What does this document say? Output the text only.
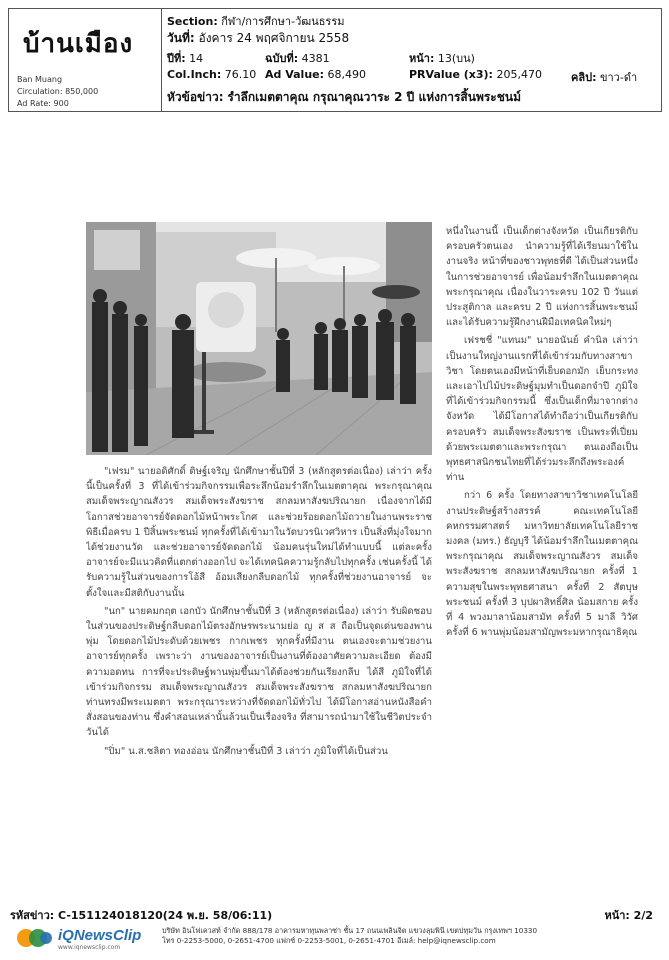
บ้านเมือง
Ban Muang
Circulation: 850,000
Ad Rate: 900
Section: กีฬา/การศึกษา-วัฒนธรรม
วันที่: อังคาร 24 พฤศจิกายน 2558
ปีที่: 14	ฉบับที่: 4381	หน้า: 13(บน)
Col.Inch: 76.10 Ad Value: 68,490	PRValue (x3): 205,470	คลิป: ขาว-ดำ
หัวข้อข่าว: รำลึกเมตตาคุณ กรุณาคุณวาระ 2 ปี แห่งการสิ้นพระชนม์

"เฟรม" นายอดิศักดิ์ ดิษฐ์เจริญ นักศึกษาชั้นปีที่ 3 (หลักสูตรต่อเนื่อง) เล่าว่า ครั้งนี้เป็นครั้งที่ 3 ที่ได้เข้าร่วมกิจกรรมเพื่อระลึกน้อมรำลึกในเมตตาคุณ พระกรุณาคุณ สมเด็จพระญาณสังวร สมเด็จพระสังฆราช สกลมหาสังฆปริณายก เนื่องจากได้มีโอกาสช่วยอาจารย์จัดดอกไม้หน้าพระโกศ และช่วยร้อยดอกไม้ถวายในงานพระราชพิธีเมื่อครบ 1 ปีสิ้นพระชนม์ ทุกครั้งที่ได้เข้ามาในวัดบวรนิเวศวิหาร เป็นสิ่งที่มุ่งใจมากได้ช่วยงานวัด และช่วยอาจารย์จัดดอกไม้ น้อมคนรุ่นใหม่ได้ทำแบบนี้ แต่ละครั้งอาจารย์จะมีแนวคิดที่แตกต่างออกไป จะได้เทคนิคความรู้กลับไปทุกครั้ง เช่นครั้งนี้ ได้รับความรู้ในส่วนของการโอ้สี อ้อมเสียงกลีบดอกไม้ ทุกครั้งที่ช่วยงานอาจารย์ จะตั้งใจและมีสติกับงานนั้น

"นก" นายคมกฤต เอกบัว นักศึกษาชั้นปีที่ 3 (หลักสูตรต่อเนื่อง) เล่าว่า รับผิดชอบในส่วนของประดิษฐ์กลีบดอกไม้ตรงอักษรพระนามย่อ ญ ส ส ถือเป็นจุดเด่นของพานพุ่ม โดยดอกไม้ประดับด้วยเพชร กากเพชร ทุกครั้งที่มีงาน ตนเองจะตามช่วยงานอาจารย์ทุกครั้ง เพราะว่า งานของอาจารย์เป็นงานที่ต้องอาศัยความละเอียด ต้องมีความอดทน การที่จะประดิษฐ์พานพุ่มขึ้นมาได้ต้องช่วยกันเรียงกลีบ ได้สี ภูมิใจที่ได้เข้าร่วมกิจกรรม สมเด็จพระญาณสังวร สมเด็จพระสังฆราช สกลมหาสังฆปริณายก ท่านทรงมีพระเมตตา พระกรุณาระหว่างที่จัดดอกไม้ทั่วไป ได้มีโอกาสอ่านหนังสือคำสั่งสอนของท่าน ซึ่งคำสอนเหล่านั้นล้วนเป็นเรื่องจริง ที่สามารถนำมาใช้ในชีวิตประจำวันได้

"ปิ่ม" น.ส.ชลิตา ทองอ่อน นักศึกษาชั้นปีที่ 3 เล่าว่า ภูมิใจที่ได้เป็นส่วน

หนึ่งในงานนี้ เป็นเด็กต่างจังหวัด เป็นเกียรติกับครอบครัวตนเอง นำความรู้ที่ได้เรียนมาใช้ในงานจริง หน้าที่ของชาวพุทธที่ดี ได้เป็นส่วนหนึ่งในการช่วยอาจารย์ เพื่อน้อมรำลึกในเมตตาคุณ พระกรุณาคุณ เนื่องในวาระครบ 102 ปี วันแต่ประสูติกาล และครบ 2 ปี แห่งการสิ้นพระชนม์ และได้รับความรู้ฝึกงานฝีมือเทคนิคใหม่ๆ

เฟรชชี่ "แทนม" นายอนันย์ คำนิล เล่าว่า เป็นงานใหญ่งานแรกที่ได้เข้าร่วมกับทางสาขาวิชา โดยตนเองมีหน้าที่เย็บดอกมัก เย็บกระทงและเอาไปไม้ประดิษฐ์มุมทำเป็นดอกจำปี ภูมิใจที่ได้เข้าร่วมกิจกรรมนี้ ซึ่งเป็นเด็กที่มาจากต่างจังหวัด ได้มีโอกาสได้ทำถือว่าเป็นเกียรติกับครอบครัว สมเด็จพระสังฆราช เป็นพระที่เปี่ยมด้วยพระเมตตาและพระกรุณา ตนเองถือเป็นพุทธศาสนิกชนไทยที่ได้ร่วมระลึกถึงพระองค์ท่าน

กว่า 6 ครั้ง โดยทางสาขาวิชาเทคโนโลยีงานประดิษฐ์สร้างสรรค์ คณะเทคโนโลยีคหกรรมศาสตร์ มหาวิทยาลัยเทคโนโลยีราชมงคล (มทร.) ธัญบุรี ได้น้อมรำลึกในเมตตาคุณ พระกรุณาคุณ สมเด็จพระญาณสังวร สมเด็จพระสังฆราช สกลมหาสังฆปริณายก ครั้งที่ 1 ความสุขในพระพุทธศาสนา ครั้งที่ 2 สัตบุษพระชนม์ ครั้งที่ 3 บุปผาสิทธิ์ศิล น้อมสกาย ครั้งที่ 4 พวงมาลาน้อมสามัท ครั้งที่ 5 มาลี วิวัศ ครั้งที่ 6 พานพุ่มน้อมสามัญพระมหากรุณาธิคุณ

รหัสข่าว: C-151124018120(24 พ.ย. 58/06:11)	หน้า: 2/2
iQNewsClip
www.iqnewsclip.com
บริษัท อินโฟเควสท์ จำกัด 888/178 อาคารมหาทุนพลาซ่า ชั้น 17 ถนนเพลินจิต แขวงลุมพินี เขตปทุมวัน กรุงเทพฯ 10330
โทร 0-2253-5000, 0-2651-4700 แฟกซ์ 0-2253-5001, 0-2651-4701 อีเมล์: help@iqnewsclip.com
